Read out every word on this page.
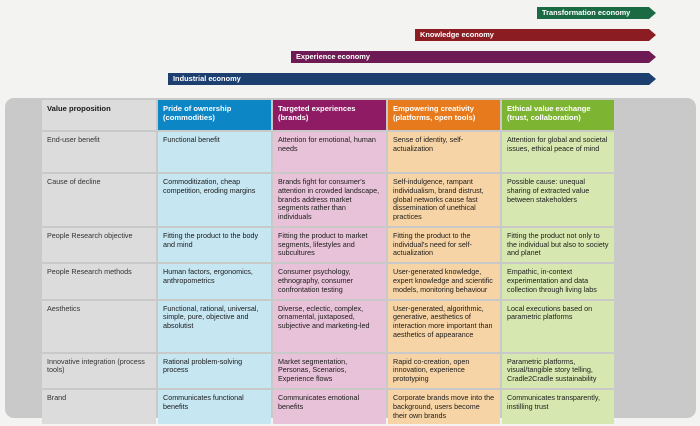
Transformation economy
Knowledge economy
Experience economy
Industrial economy
Value proposition	Pride of ownership (commodities)	Targeted experiences (brands)	Empowering creativity (platforms, open tools)	Ethical value exchange (trust, collaboration)
End-user benefit	Functional benefit	Attention for emotional, human needs	Sense of identity, self-actualization	Attention for global and societal issues, ethical peace of mind
Cause of decline	Commoditization, cheap competition, eroding margins	Brands fight for consumer's attention in crowded landscape, brands address market segments rather than individuals	Self-indulgence, rampant individualism, brand distrust, global networks cause fast dissemination of unethical practices	Possible cause: unequal sharing of extracted value between stakeholders
People Research objective	Fitting the product to the body and mind	Fitting the product to market segments, lifestyles and subcultures	Fitting the product to the individual's need for self-actualization	Fitting the product not only to the individual but also to society and planet
People Research methods	Human factors, ergonomics, anthropometrics	Consumer psychology, ethnography, consumer confrontation testing	User-generated knowledge, expert knowledge and scientific models, monitoring behaviour	Empathic, in-context experimentation and data collection through living labs
Aesthetics	Functional, rational, universal, simple, pure, objective and absolutist	Diverse, eclectic, complex, ornamental, juxtaposed, subjective and marketing-led	User-generated, algorithmic, generative, aesthetics of interaction more important than aesthetics of appearance	Local executions based on parametric platforms
Innovative integration (process tools)	Rational problem-solving process	Market segmentation, Personas, Scenarios, Experience flows	Rapid co-creation, open innovation, experience prototyping	Parametric platforms, visual/tangible story telling, Cradle2Cradle sustainability
Brand	Communicates functional benefits	Communicates emotional benefits	Corporate brands move into the background, users become their own brands	Communicates transparently, instilling trust
